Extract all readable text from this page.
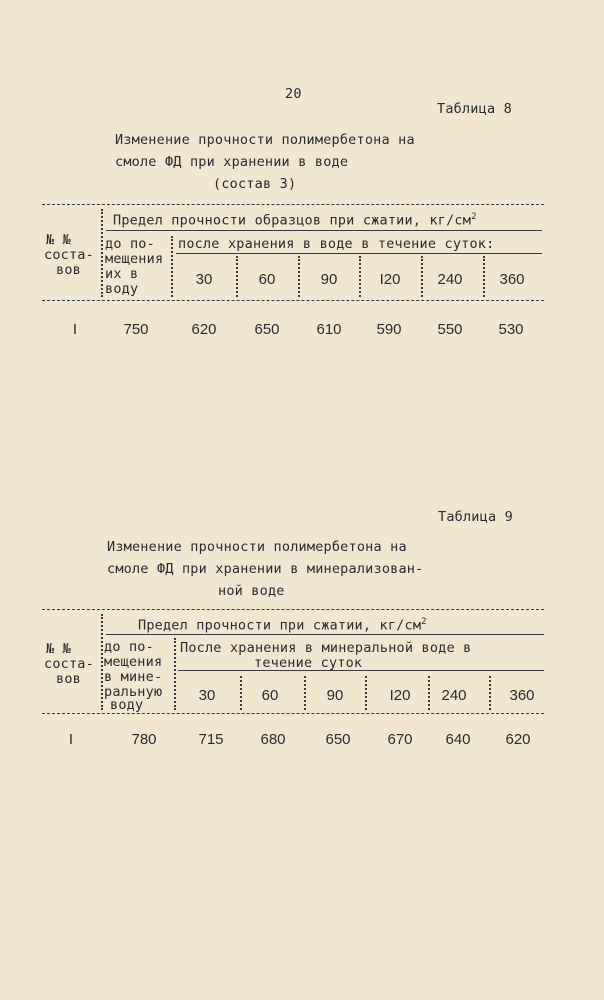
20
Таблица 8
Изменение прочности полимербетона на
смоле ФД при хранении в воде
(состав 3)
Предел прочности образцов при сжатии, $кг/см^2$
№ №
соста-
вов
до по-
мещения
их в
воду
после хранения в воде в течение суток:
30	60	90	I20	240	360
I	750	620	650	610	590	550	530
Таблица 9
Изменение прочности полимербетона на
смоле ФД при хранении в минерализован-
ной воде
Предел прочности при сжатии, $кг/см^2$
№ №
соста-
вов
до по-
мещения
в мине-
ральную
воду
После хранения в минеральной воде в
течение суток
30	60	90	I20	240	360
I	780	715	680	650	670	640	620
